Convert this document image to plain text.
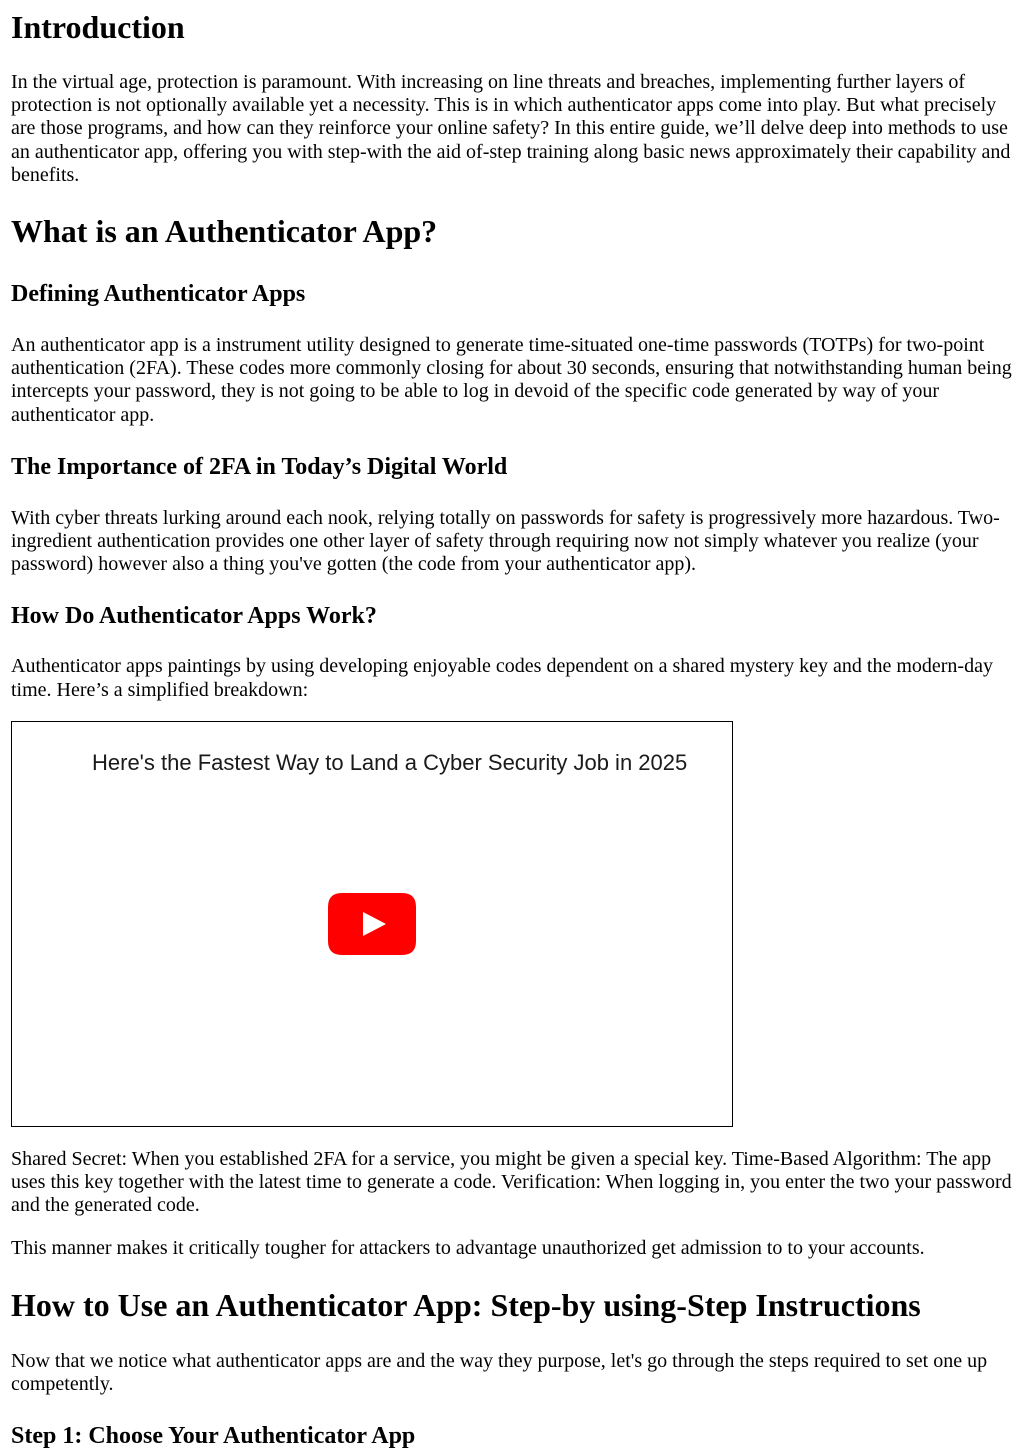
Introduction

In the virtual age, protection is paramount. With increasing on line threats and breaches, implementing further layers of protection is not optionally available yet a necessity. This is in which authenticator apps come into play. But what precisely are those programs, and how can they reinforce your online safety? In this entire guide, we’ll delve deep into methods to use an authenticator app, offering you with step-with the aid of-step training along basic news approximately their capability and benefits.

What is an Authenticator App?
Defining Authenticator Apps

An authenticator app is a instrument utility designed to generate time-situated one-time passwords (TOTPs) for two-point authentication (2FA). These codes more commonly closing for about 30 seconds, ensuring that notwithstanding human being intercepts your password, they is not going to be able to log in devoid of the specific code generated by way of your authenticator app.

The Importance of 2FA in Today’s Digital World

With cyber threats lurking around each nook, relying totally on passwords for safety is progressively more hazardous. Two-ingredient authentication provides one other layer of safety through requiring now not simply whatever you realize (your password) however also a thing you've gotten (the code from your authenticator app).

How Do Authenticator Apps Work?

Authenticator apps paintings by using developing enjoyable codes dependent on a shared mystery key and the modern-day time. Here’s a simplified breakdown:

Here's the Fastest Way to Land a Cyber Security Job in 2025

Shared Secret: When you established 2FA for a service, you might be given a special key. Time-Based Algorithm: The app uses this key together with the latest time to generate a code. Verification: When logging in, you enter the two your password and the generated code.

This manner makes it critically tougher for attackers to advantage unauthorized get admission to to your accounts.

How to Use an Authenticator App: Step-by using-Step Instructions

Now that we notice what authenticator apps are and the way they purpose, let's go through the steps required to set one up competently.

Step 1: Choose Your Authenticator App
